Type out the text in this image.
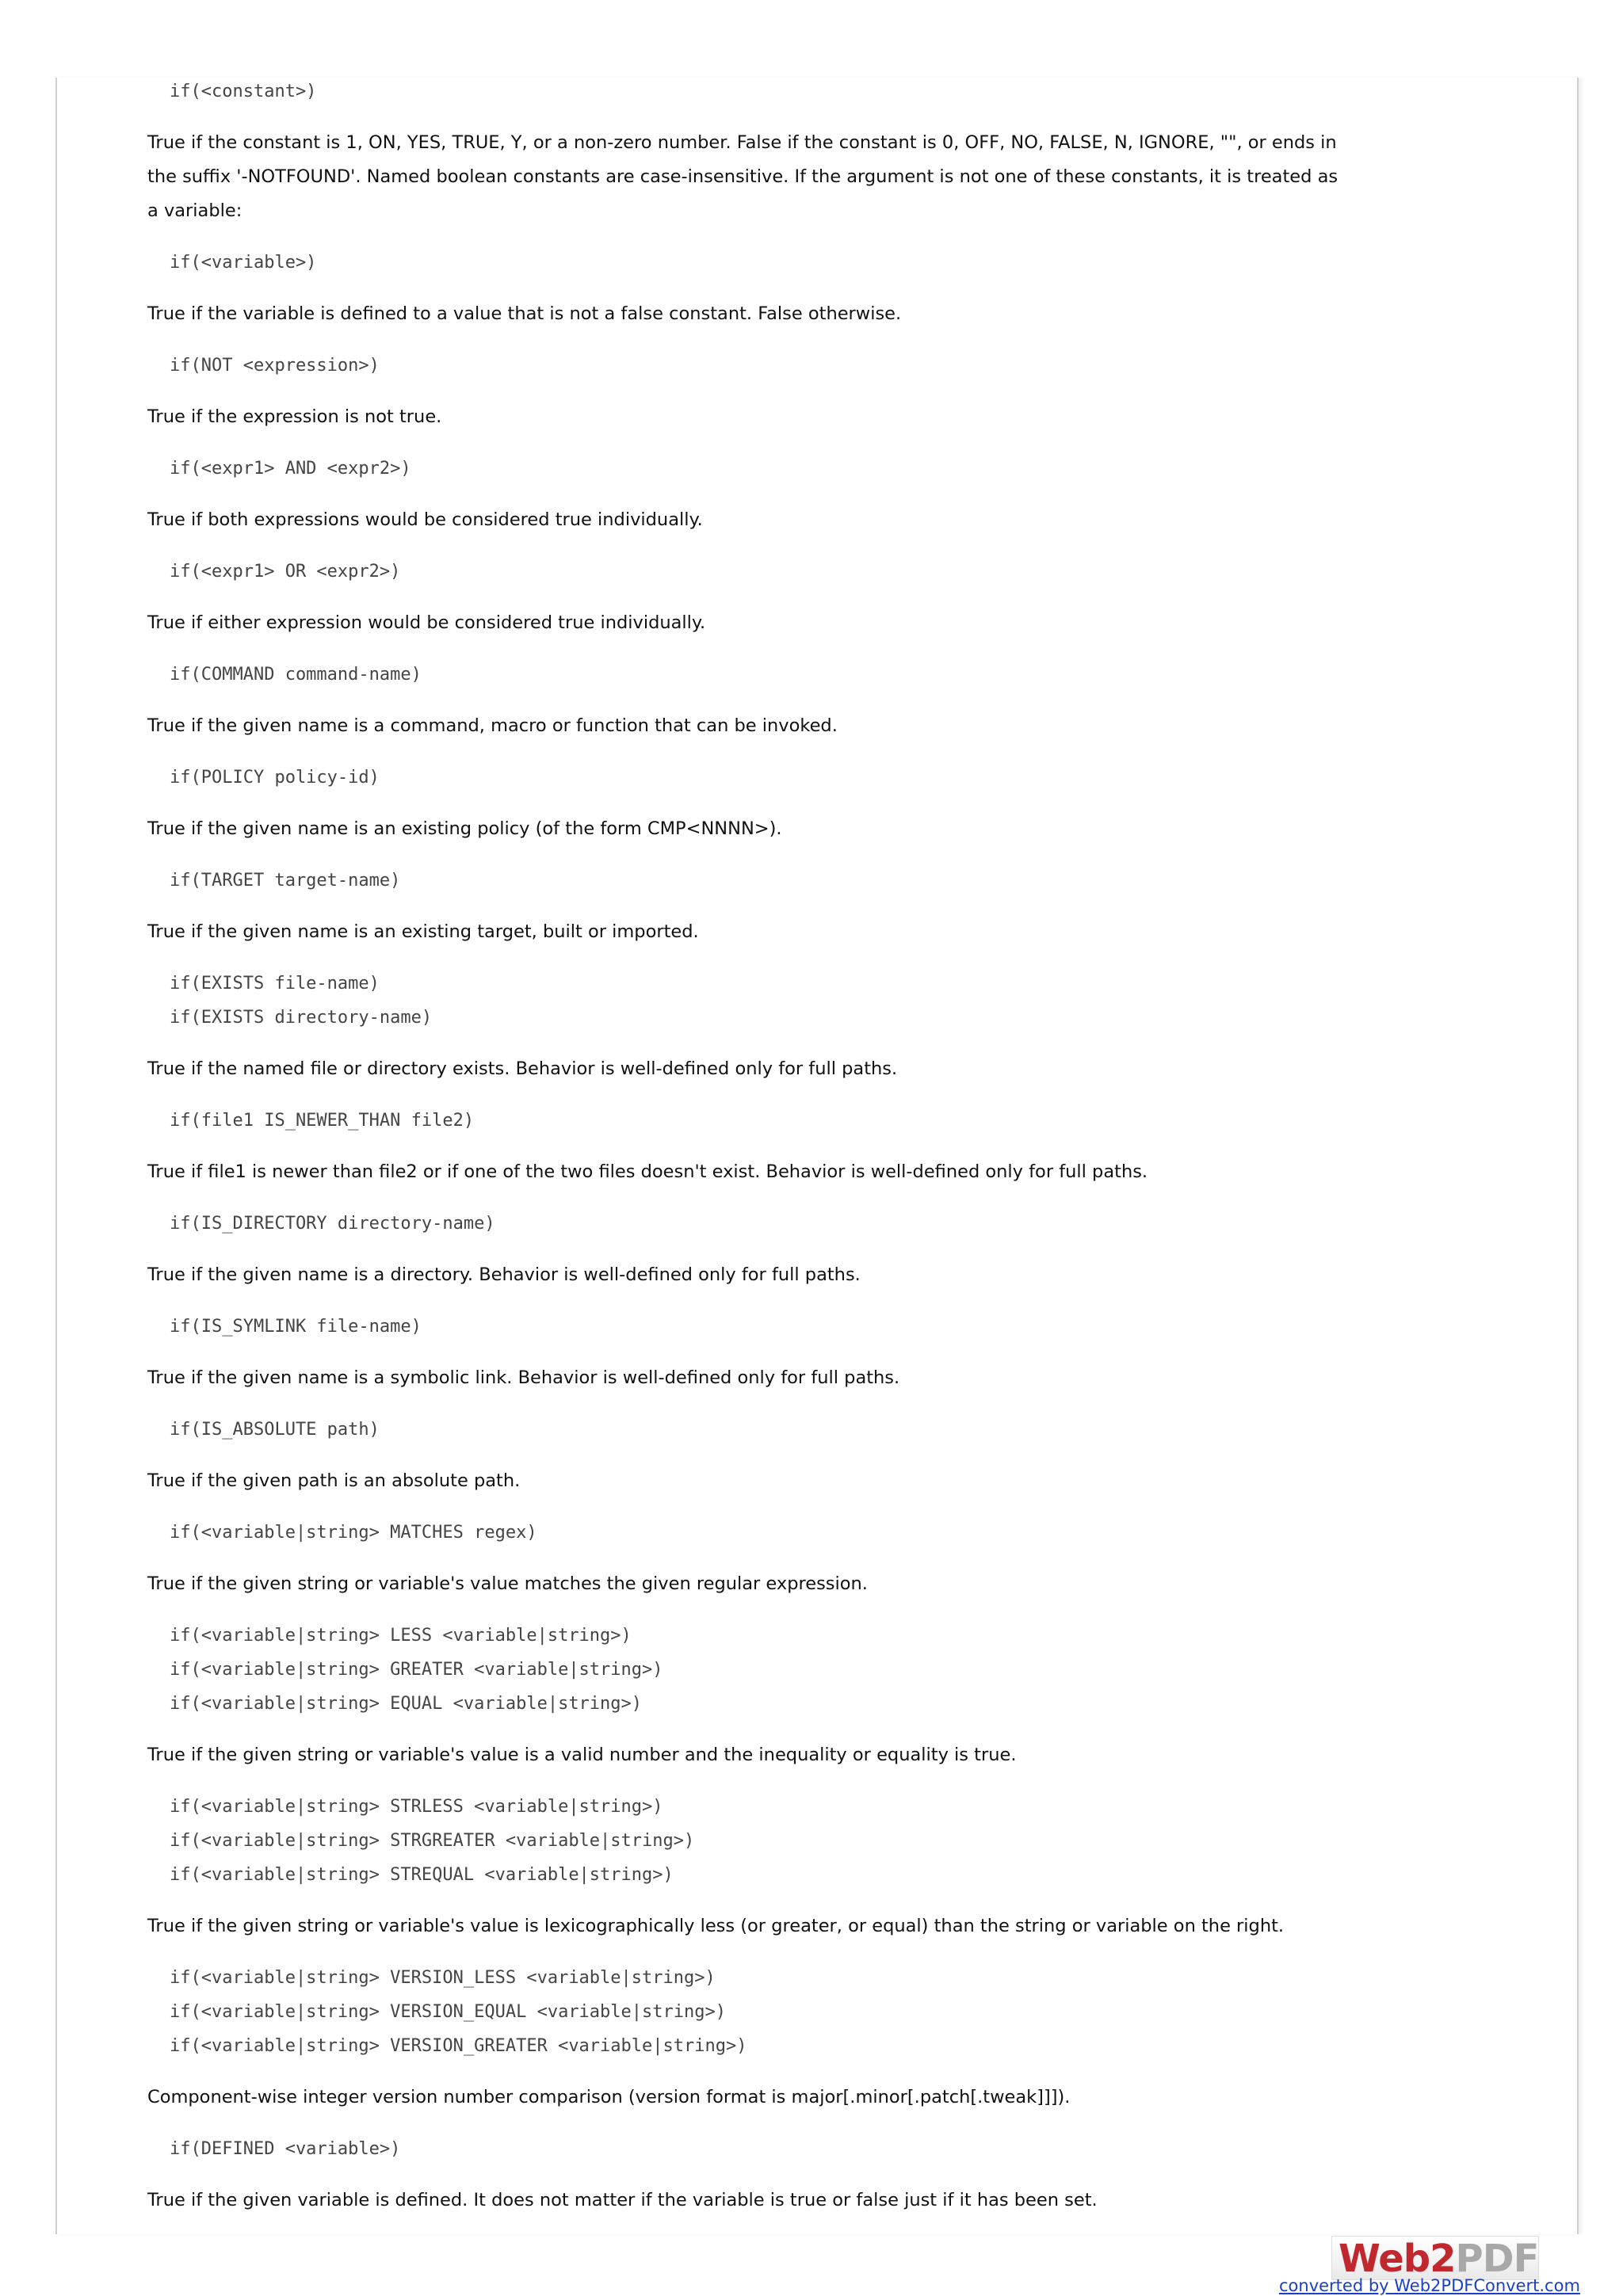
if(<constant>)

True if the constant is 1, ON, YES, TRUE, Y, or a non-zero number. False if the constant is 0, OFF, NO, FALSE, N, IGNORE, "", or ends in the suffix '-NOTFOUND'. Named boolean constants are case-insensitive. If the argument is not one of these constants, it is treated as a variable:

if(<variable>)

True if the variable is defined to a value that is not a false constant. False otherwise.

if(NOT <expression>)

True if the expression is not true.

if(<expr1> AND <expr2>)

True if both expressions would be considered true individually.

if(<expr1> OR <expr2>)

True if either expression would be considered true individually.

if(COMMAND command-name)

True if the given name is a command, macro or function that can be invoked.

if(POLICY policy-id)

True if the given name is an existing policy (of the form CMP<NNNN>).

if(TARGET target-name)

True if the given name is an existing target, built or imported.

if(EXISTS file-name)
if(EXISTS directory-name)

True if the named file or directory exists. Behavior is well-defined only for full paths.

if(file1 IS_NEWER_THAN file2)

True if file1 is newer than file2 or if one of the two files doesn't exist. Behavior is well-defined only for full paths.

if(IS_DIRECTORY directory-name)

True if the given name is a directory. Behavior is well-defined only for full paths.

if(IS_SYMLINK file-name)

True if the given name is a symbolic link. Behavior is well-defined only for full paths.

if(IS_ABSOLUTE path)

True if the given path is an absolute path.

if(<variable|string> MATCHES regex)

True if the given string or variable's value matches the given regular expression.

if(<variable|string> LESS <variable|string>)
if(<variable|string> GREATER <variable|string>)
if(<variable|string> EQUAL <variable|string>)

True if the given string or variable's value is a valid number and the inequality or equality is true.

if(<variable|string> STRLESS <variable|string>)
if(<variable|string> STRGREATER <variable|string>)
if(<variable|string> STREQUAL <variable|string>)

True if the given string or variable's value is lexicographically less (or greater, or equal) than the string or variable on the right.

if(<variable|string> VERSION_LESS <variable|string>)
if(<variable|string> VERSION_EQUAL <variable|string>)
if(<variable|string> VERSION_GREATER <variable|string>)

Component-wise integer version number comparison (version format is major[.minor[.patch[.tweak]]]).

if(DEFINED <variable>)

True if the given variable is defined. It does not matter if the variable is true or false just if it has been set.

Web2PDF
converted by Web2PDFConvert.com
